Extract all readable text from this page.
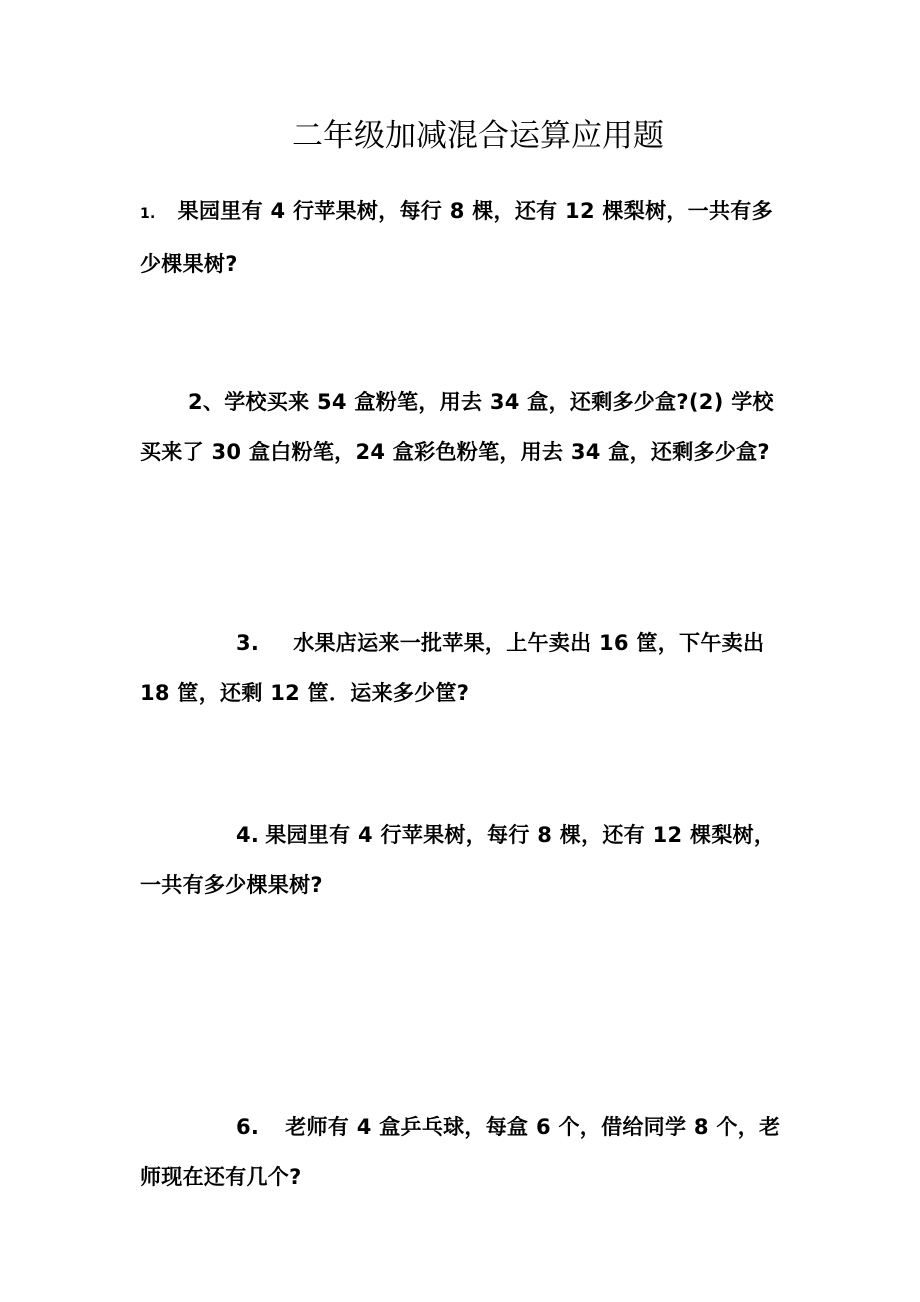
二年级加减混合运算应用题
1. 果园里有 4 行苹果树，每行 8 棵，还有 12 棵梨树，一共有多少棵果树?
2、学校买来 54 盒粉笔，用去 34 盒，还剩多少盒?(2) 学校买来了 30 盒白粉笔，24 盒彩色粉笔，用去 34 盒，还剩多少盒?
3. 水果店运来一批苹果，上午卖出 16 筐，下午卖出 18 筐，还剩 12 筐．运来多少筐?
4. 果园里有 4 行苹果树，每行 8 棵，还有 12 棵梨树，一共有多少棵果树?
6. 老师有 4 盒乒乓球，每盒 6 个，借给同学 8 个，老师现在还有几个?
